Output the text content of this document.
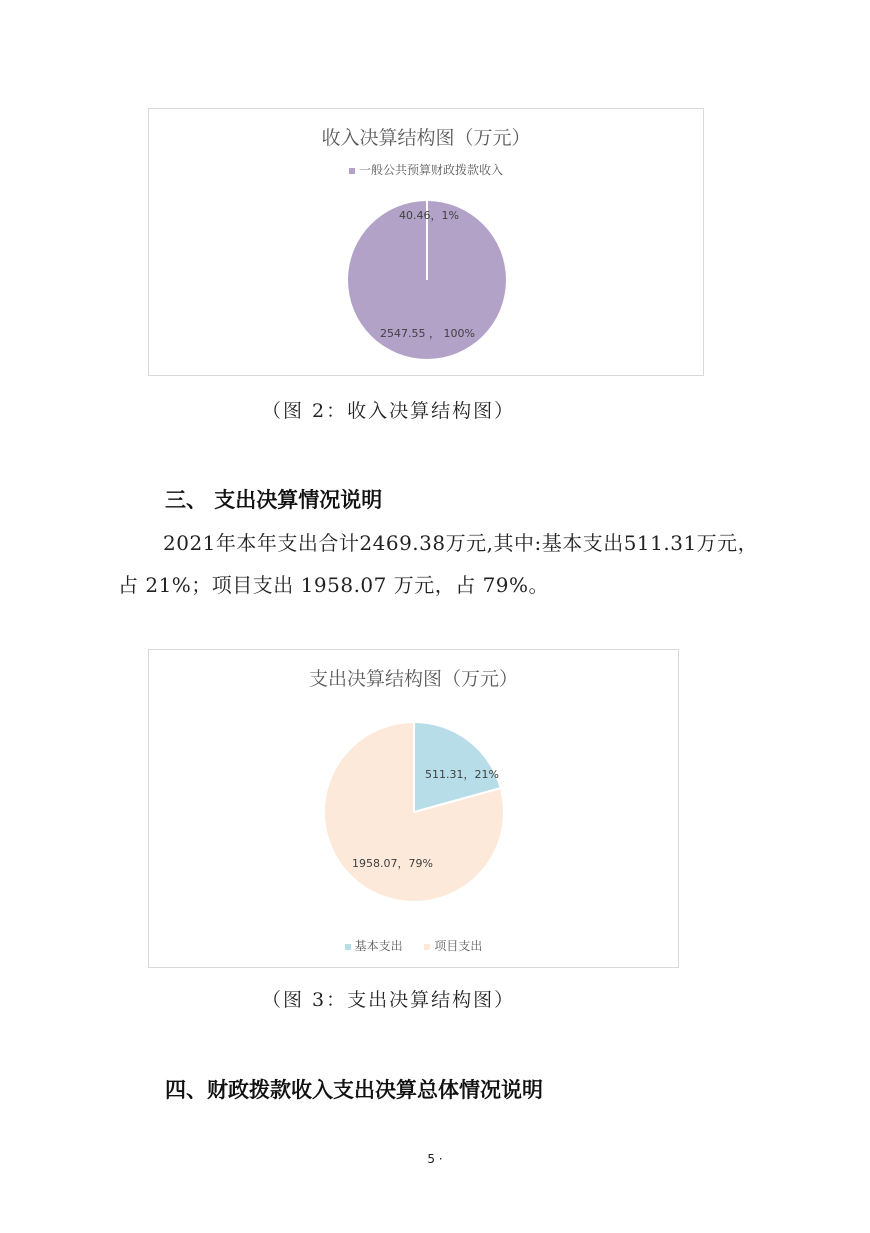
收入决算结构图（万元）
一般公共预算财政拨款收入
40.46，1%
2547.55 ， 100%
（图 2：收入决算结构图）
三、 支出决算情况说明
2021年本年支出合计2469.38万元,其中:基本支出511.31万元，占 21%；项目支出 1958.07 万元，占 79%。
支出决算结构图（万元）
511.31，21%
1958.07，79%
基本支出	项目支出
（图 3：支出决算结构图）
四、财政拨款收入支出决算总体情况说明
5 ·
